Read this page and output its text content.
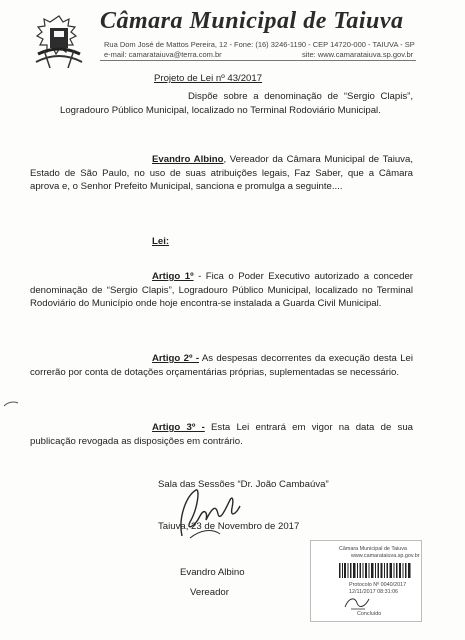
Câmara Municipal de Taiuva
Rua Dom José de Mattos Pereira, 12 - Fone: (16) 3246-1190 - CEP 14720-000 - TAIUVA - SP
e-mail: camarataiuva@terra.com.br	site: www.camarataiuva.sp.gov.br
Projeto de Lei nº 43/2017
Dispõe sobre a denominação de “Sergio Clapis”, Logradouro Público Municipal, localizado no Terminal Rodoviário Municipal.
Evandro Albino, Vereador da Câmara Municipal de Taiuva, Estado de São Paulo, no uso de suas atribuições legais, Faz Saber, que a Câmara aprova e, o Senhor Prefeito Municipal, sanciona e promulga a seguinte....
Lei:
Artigo 1º - Fica o Poder Executivo autorizado a conceder denominação de “Sergio Clapis”, Logradouro Público Municipal, localizado no Terminal Rodoviário do Município onde hoje encontra-se instalada a Guarda Civil Municipal.
Artigo 2º - As despesas decorrentes da execução desta Lei correrão por conta de dotações orçamentárias próprias, suplementadas se necessário.
Artigo 3º - Esta Lei entrará em vigor na data de sua publicação revogada as disposições em contrário.
Sala das Sessões “Dr. João Cambaúva”
Taiuva, 23 de Novembro de 2017
Evandro Albino
Vereador
Câmara Municipal de Taiuva
www.camarataiuva.sp.gov.br
Protocolo Nº 0040/2017
12/11/2017 08:31:06
Concluído
